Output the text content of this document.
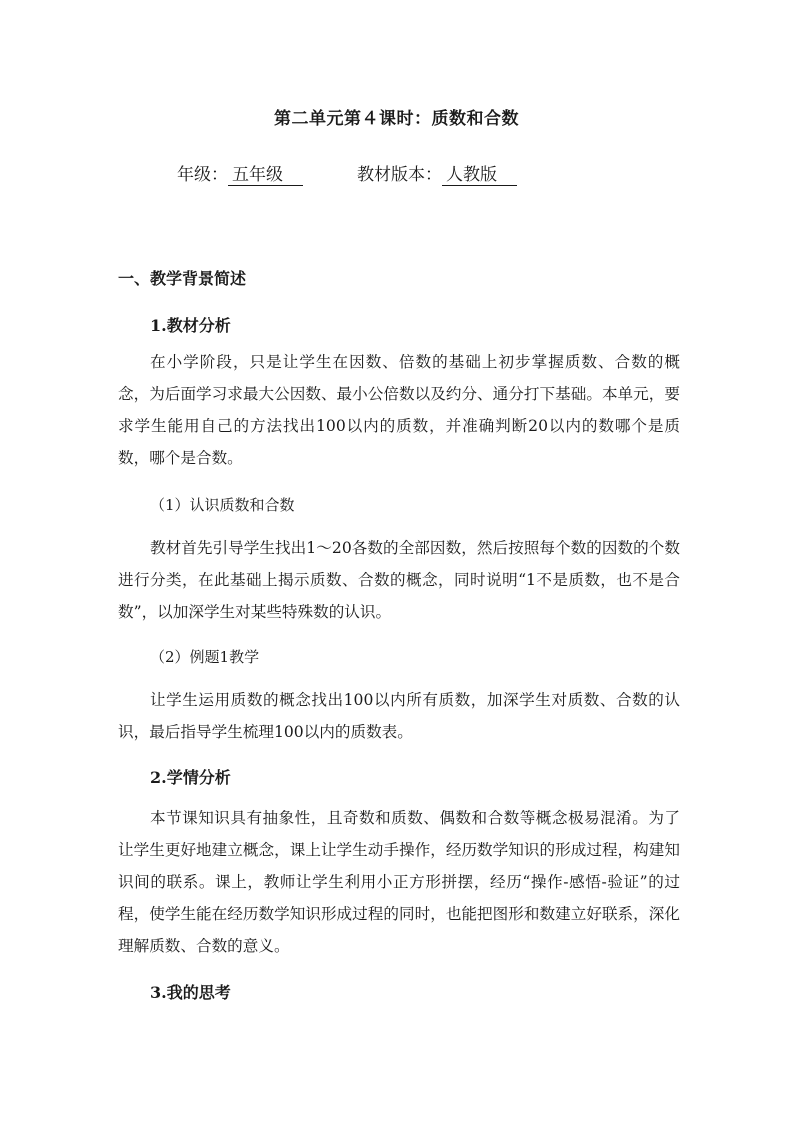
第二单元第４课时：质数和合数
年级： 五年级	教材版本： 人教版
一、教学背景简述
1.教材分析

在小学阶段，只是让学生在因数、倍数的基础上初步掌握质数、合数的概念，为后面学习求最大公因数、最小公倍数以及约分、通分打下基础。本单元，要求学生能用自己的方法找出100以内的质数，并准确判断20以内的数哪个是质数，哪个是合数。

（1）认识质数和合数

教材首先引导学生找出1～20各数的全部因数，然后按照每个数的因数的个数进行分类，在此基础上揭示质数、合数的概念，同时说明“1不是质数，也不是合数”，以加深学生对某些特殊数的认识。

（2）例题1教学

让学生运用质数的概念找出100以内所有质数，加深学生对质数、合数的认识，最后指导学生梳理100以内的质数表。

2.学情分析

本节课知识具有抽象性，且奇数和质数、偶数和合数等概念极易混淆。为了让学生更好地建立概念，课上让学生动手操作，经历数学知识的形成过程，构建知识间的联系。课上，教师让学生利用小正方形拼摆，经历“操作-感悟-验证”的过程，使学生能在经历数学知识形成过程的同时，也能把图形和数建立好联系，深化理解质数、合数的意义。

3.我的思考
